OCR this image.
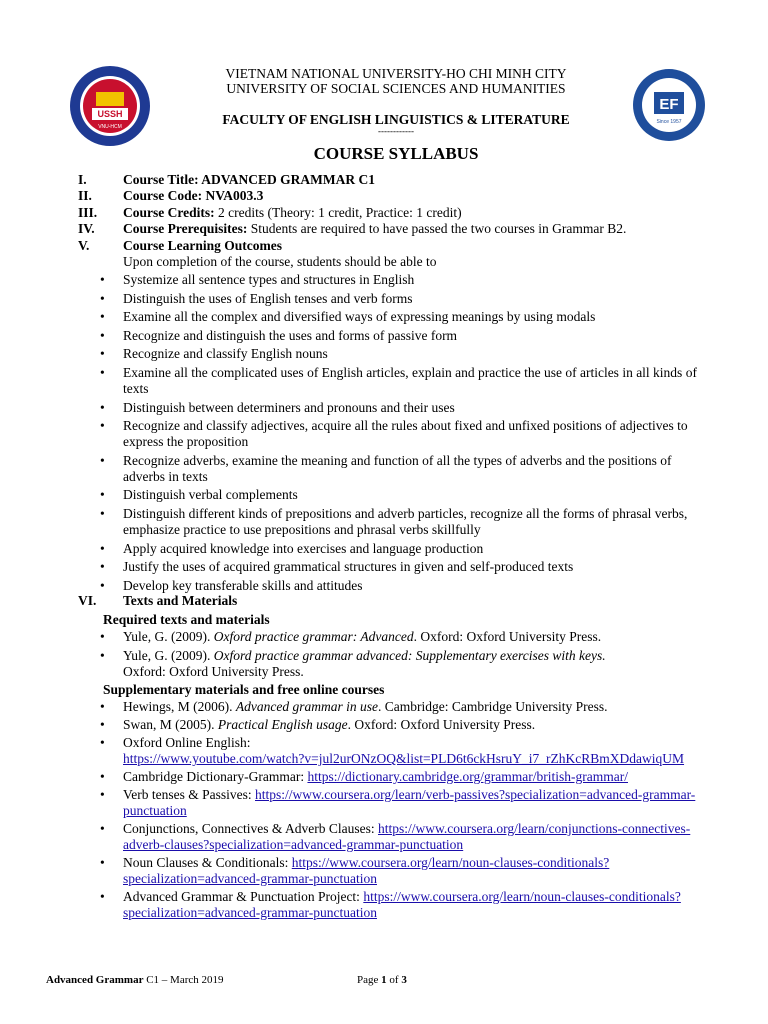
USSH
VNU-HCM
EF
Since 1957
VIETNAM NATIONAL UNIVERSITY-HO CHI MINH CITY
UNIVERSITY OF SOCIAL SCIENCES AND HUMANITIES
FACULTY OF ENGLISH LINGUISTICS & LITERATURE
------------
COURSE SYLLABUS
I.	Course Title: ADVANCED GRAMMAR C1
II. Course Code: NVA003.3
III. Course Credits: 2 credits (Theory: 1 credit, Practice: 1 credit)
IV. Course Prerequisites: Students are required to have passed the two courses in Grammar B2.
V. Course Learning Outcomes
Upon completion of the course, students should be able to
• Systemize all sentence types and structures in English
• Distinguish the uses of English tenses and verb forms
• Examine all the complex and diversified ways of expressing meanings by using modals
• Recognize and distinguish the uses and forms of passive form
• Recognize and classify English nouns
• Examine all the complicated uses of English articles, explain and practice the use of articles in all kinds of texts
• Distinguish between determiners and pronouns and their uses
• Recognize and classify adjectives, acquire all the rules about fixed and unfixed positions of adjectives to express the proposition
• Recognize adverbs, examine the meaning and function of all the types of adverbs and the positions of adverbs in texts
• Distinguish verbal complements
• Distinguish different kinds of prepositions and adverb particles, recognize all the forms of phrasal verbs, emphasize practice to use prepositions and phrasal verbs skillfully
• Apply acquired knowledge into exercises and language production
• Justify the uses of acquired grammatical structures in given and self-produced texts
• Develop key transferable skills and attitudes
VI. Texts and Materials
Required texts and materials
• Yule, G. (2009). Oxford practice grammar: Advanced. Oxford: Oxford University Press.
• Yule, G. (2009). Oxford practice grammar advanced: Supplementary exercises with keys.
Oxford: Oxford University Press.
Supplementary materials and free online courses
• Hewings, M (2006). Advanced grammar in use. Cambridge: Cambridge University Press.
• Swan, M (2005). Practical English usage. Oxford: Oxford University Press.
• Oxford Online English:
https://www.youtube.com/watch?v=jul2urONzOQ&list=PLD6t6ckHsruY_i7_rZhKcRBmXDdawiqUM
• Cambridge Dictionary-Grammar: https://dictionary.cambridge.org/grammar/british-grammar/
• Verb tenses & Passives: https://www.coursera.org/learn/verb-passives?specialization=advanced-grammar-punctuation
• Conjunctions, Connectives & Adverb Clauses: https://www.coursera.org/learn/conjunctions-connectives-adverb-clauses?specialization=advanced-grammar-punctuation
• Noun Clauses & Conditionals: https://www.coursera.org/learn/noun-clauses-conditionals?specialization=advanced-grammar-punctuation
• Advanced Grammar & Punctuation Project: https://www.coursera.org/learn/noun-clauses-conditionals?specialization=advanced-grammar-punctuation
Advanced Grammar C1 – March 2019	Page 1 of 3
